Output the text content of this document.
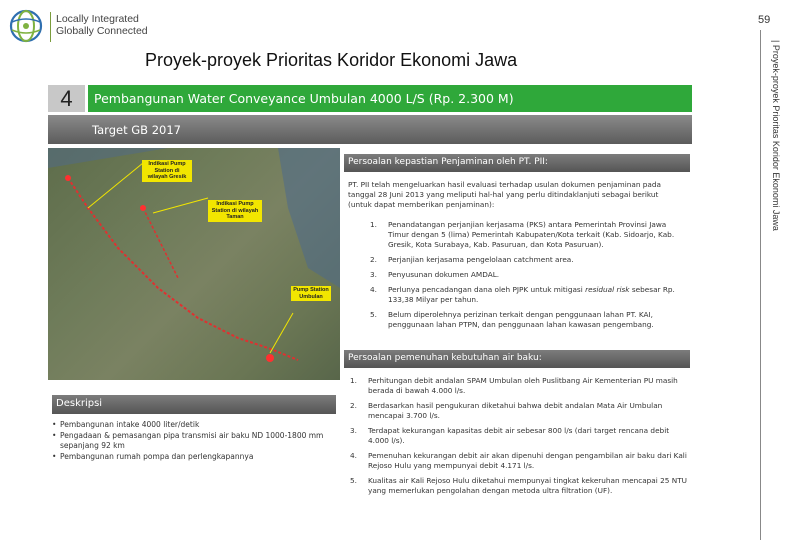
Locally Integrated
Globally Connected
59
| Proyek-proyek Prioritas Koridor Ekonomi Jawa
Proyek-proyek Prioritas Koridor Ekonomi Jawa
4	Pembangunan Water Conveyance Umbulan 4000 L/S (Rp. 2.300 M)
Target GB 2017
Indikasi Pump Station di wilayah Gresik
Indikasi Pump Station di wilayah Taman
Pump Station Umbulan
Deskripsi
• Pembangunan intake 4000 liter/detik
• Pengadaan & pemasangan pipa transmisi air baku ND 1000-1800 mm sepanjang 92 km
• Pembangunan rumah pompa dan perlengkapannya
Persoalan kepastian Penjaminan oleh PT. PII:
PT. PII telah mengeluarkan hasil evaluasi terhadap usulan dokumen penjaminan pada tanggal 28 Juni 2013 yang meliputi hal-hal yang perlu ditindaklanjuti sebagai berikut (untuk dapat memberikan penjaminan):
1. Penandatangan perjanjian kerjasama (PKS) antara Pemerintah Provinsi Jawa Timur dengan 5 (lima) Pemerintah Kabupaten/Kota terkait (Kab. Sidoarjo, Kab. Gresik, Kota Surabaya, Kab. Pasuruan, dan Kota Pasuruan).
2. Perjanjian kerjasama pengelolaan catchment area.
3. Penyusunan dokumen AMDAL.
4. Perlunya pencadangan dana oleh PJPK untuk mitigasi residual risk sebesar Rp. 133,38 Milyar per tahun.
5. Belum diperolehnya perizinan terkait dengan penggunaan lahan PT. KAI, penggunaan lahan PTPN, dan penggunaan lahan kawasan pengembang.
Persoalan pemenuhan kebutuhan air baku:
1. Perhitungan debit andalan SPAM Umbulan oleh Puslitbang Air Kementerian PU masih berada di bawah 4.000 l/s.
2. Berdasarkan hasil pengukuran diketahui bahwa debit andalan Mata Air Umbulan mencapai 3.700 l/s.
3. Terdapat kekurangan kapasitas debit air sebesar 800 l/s (dari target rencana debit 4.000 l/s).
4. Pemenuhan kekurangan debit air akan dipenuhi dengan pengambilan air baku dari Kali Rejoso Hulu yang mempunyai debit 4.171 l/s.
5. Kualitas air Kali Rejoso Hulu diketahui mempunyai tingkat kekeruhan mencapai 25 NTU yang memerlukan pengolahan dengan metoda ultra filtration (UF).
